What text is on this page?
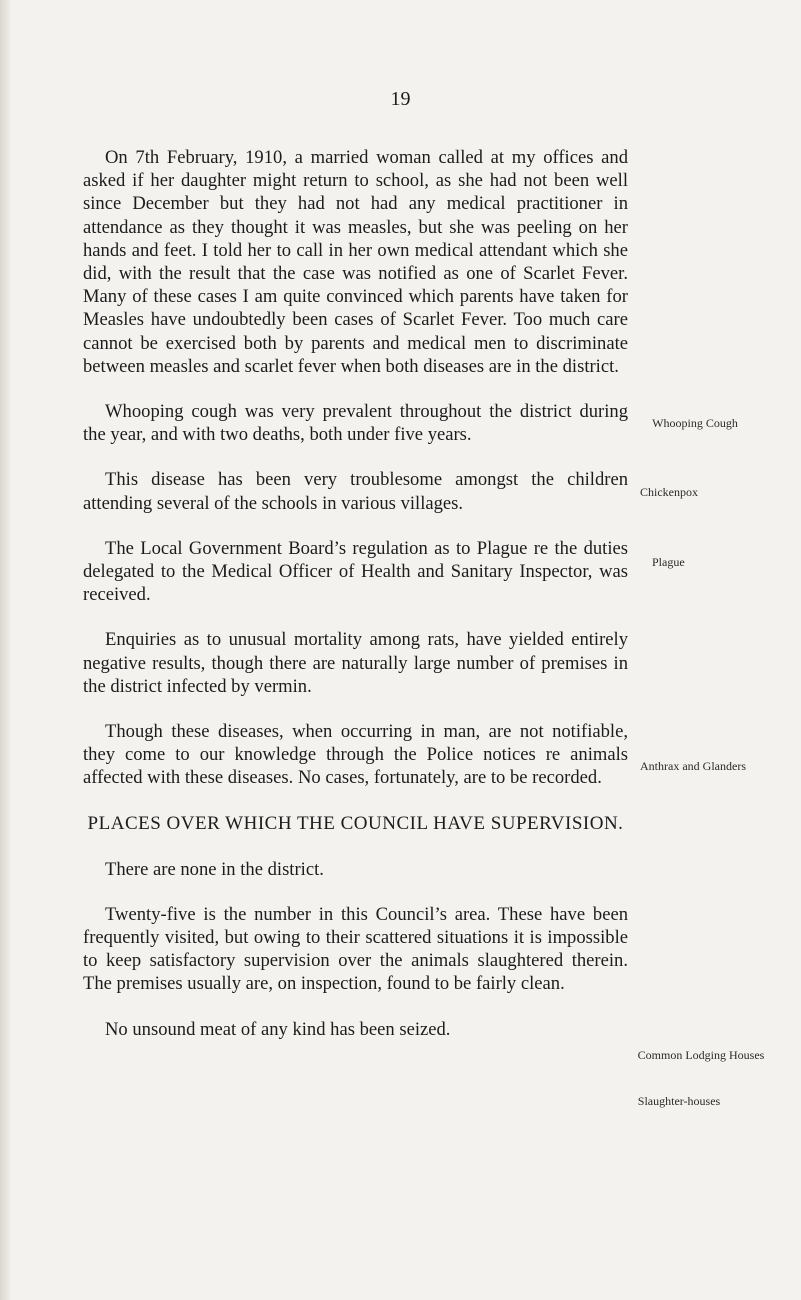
19

On 7th February, 1910, a married woman called at my offices and asked if her daughter might return to school, as she had not been well since December but they had not had any medical practitioner in attendance as they thought it was measles, but she was peeling on her hands and feet. I told her to call in her own medical attendant which she did, with the result that the case was notified as one of Scarlet Fever. Many of these cases I am quite convinced which parents have taken for Measles have undoubtedly been cases of Scarlet Fever. Too much care cannot be exercised both by parents and medical men to discriminate between measles and scarlet fever when both diseases are in the district.

Whooping cough was very prevalent throughout the district during the year, and with two deaths, both under five years.

This disease has been very troublesome amongst the children attending several of the schools in various villages.

The Local Government Board’s regulation as to Plague re the duties delegated to the Medical Officer of Health and Sanitary Inspector, was received.

Enquiries as to unusual mortality among rats, have yielded entirely negative results, though there are naturally large number of premises in the district infected by vermin.

Though these diseases, when occurring in man, are not notifiable, they come to our knowledge through the Police notices re animals affected with these diseases. No cases, fortunately, are to be recorded.

PLACES OVER WHICH THE COUNCIL HAVE SUPERVISION.

There are none in the district.

Twenty-five is the number in this Council’s area. These have been frequently visited, but owing to their scattered situations it is impossible to keep satisfactory supervision over the animals slaughtered therein. The premises usually are, on inspection, found to be fairly clean.

No unsound meat of any kind has been seized.

Whooping Cough
Chickenpox
Plague
Anthrax and Glanders
Common Lodging Houses
Slaughter-houses
